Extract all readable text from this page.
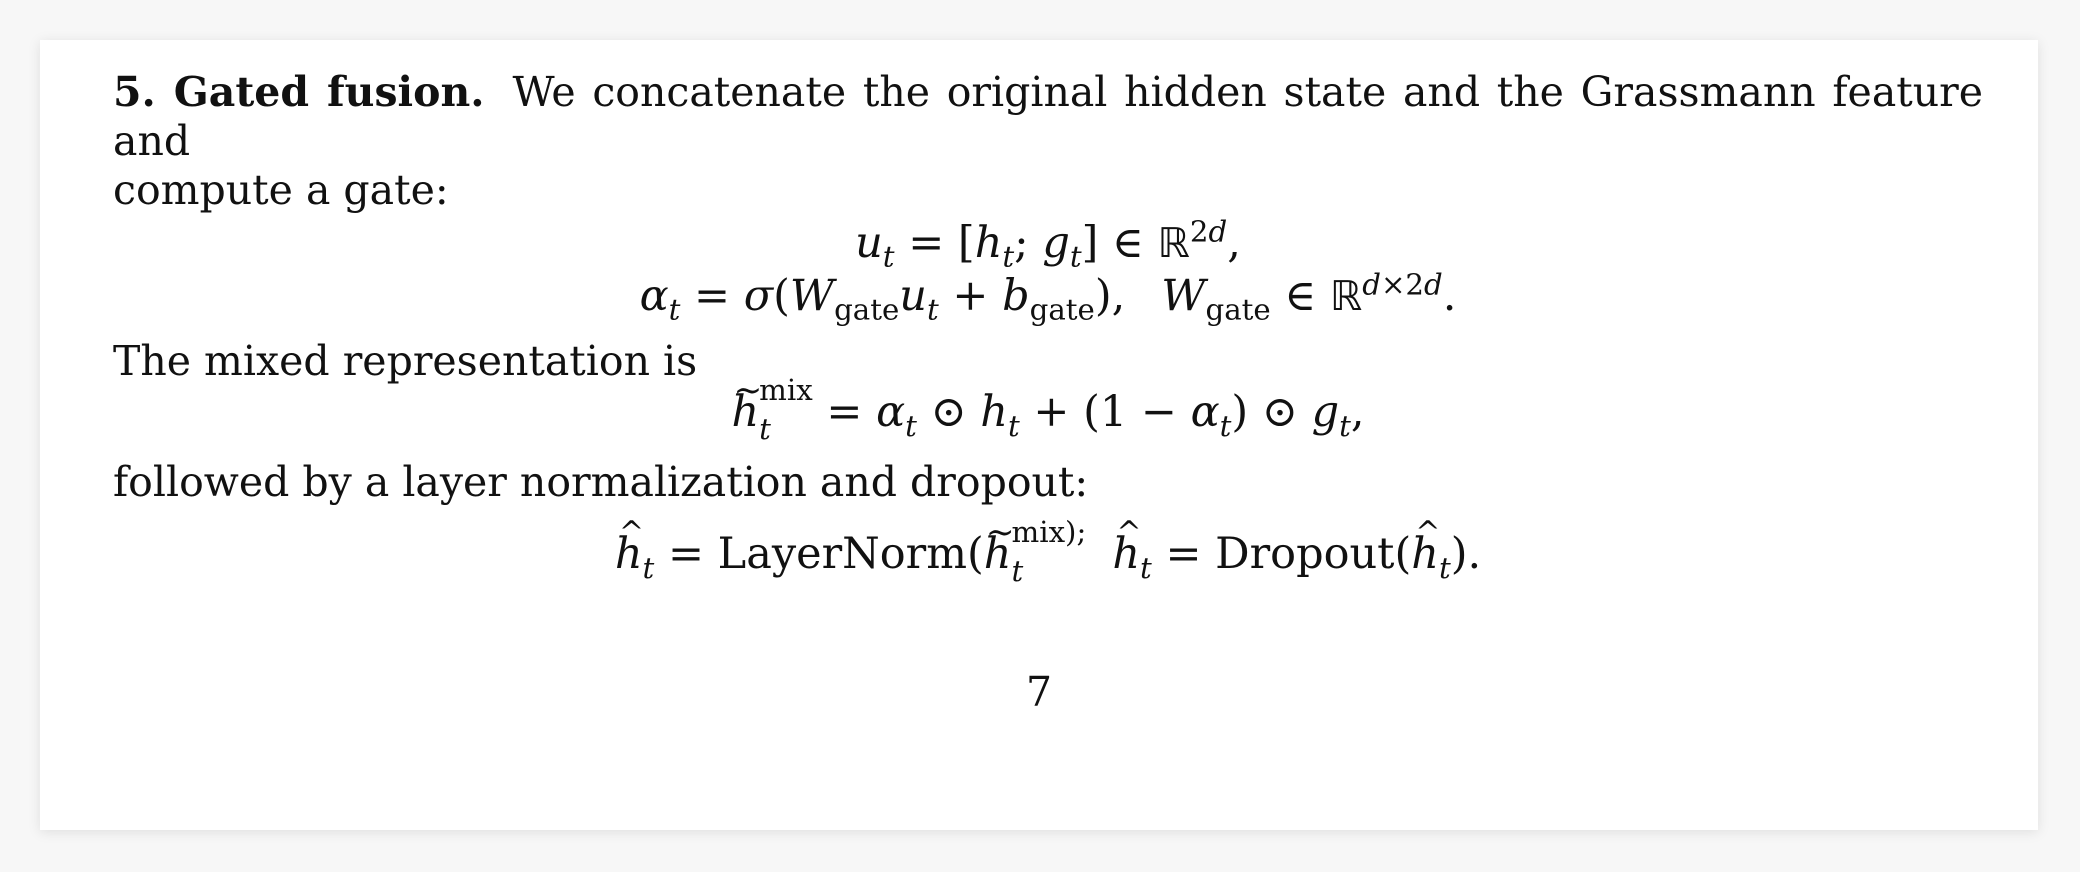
5. Gated fusion. We concatenate the original hidden state and the Grassmann feature and

compute a gate:

$u_t = [h_t$; $g_t$] ∈ ℝ$^{2d}$,
$\alpha_t = \sigma(W_{gate}u_t + b_{gate})$, $W_{gate}$ ∈ ℝ$^{d\times 2d}$.

The mixed representation is

~ h mix
$t = \alpha_t$ ⊙ $h_t + (1 - \alpha_t)$ ⊙ $g_t$,

followed by a layer normalization and dropout:

^ $h_t$ = LayerNorm(~ h mix);
t
^	$h_t$ = Dropout(^ $h_t$).
7
